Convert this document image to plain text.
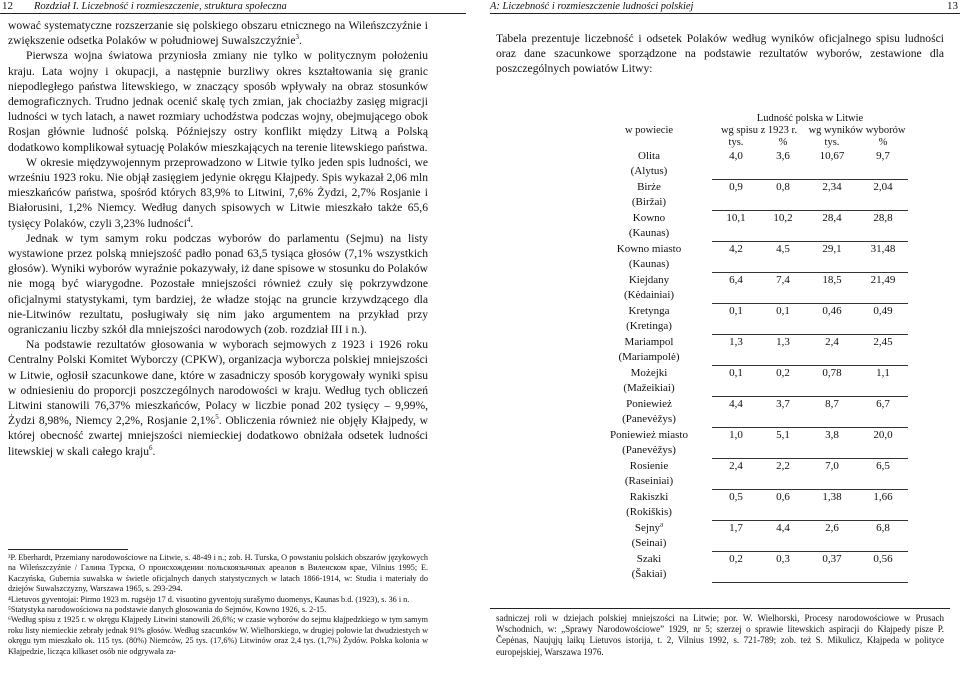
12 Rozdział I. Liczebność i rozmieszczenie, struktura społeczna

wować systematyczne rozszerzanie się polskiego obszaru etnicznego na Wileńszczyźnie i zwiększenie odsetka Polaków w południowej Suwalszczyźnie$^3$.

Pierwsza wojna światowa przyniosła zmiany nie tylko w politycznym położeniu kraju. Lata wojny i okupacji, a następnie burzliwy okres kształtowania się granic niepodległego państwa litewskiego, w znaczący sposób wpływały na obraz stosunków demograficznych. Trudno jednak ocenić skalę tych zmian, jak chociażby zasięg migracji ludności w tych latach, a nawet rozmiary uchodźstwa podczas wojny, obejmującego obok Rosjan głównie ludność polską. Późniejszy ostry konflikt między Litwą a Polską dodatkowo komplikował sytuację Polaków mieszkających na terenie litewskiego państwa.

W okresie międzywojennym przeprowadzono w Litwie tylko jeden spis ludności, we wrześniu 1923 roku. Nie objął zasięgiem jedynie okręgu Kłajpedy. Spis wykazał 2,06 mln mieszkańców państwa, spośród których 83,9% to Litwini, 7,6% Żydzi, 2,7% Rosjanie i Białorusini, 1,2% Niemcy. Według danych spisowych w Litwie mieszkało także 65,6 tysięcy Polaków, czyli 3,23% ludności$^4$.

Jednak w tym samym roku podczas wyborów do parlamentu (Sejmu) na listy wystawione przez polską mniejszość padło ponad 63,5 tysiąca głosów (7,1% wszystkich głosów). Wyniki wyborów wyraźnie pokazywały, iż dane spisowe w stosunku do Polaków nie mogą być wiarygodne. Pozostałe mniejszości również czuły się pokrzywdzone oficjalnymi statystykami, tym bardziej, że władze stojąc na gruncie krzywdzącego dla nie-Litwinów rezultatu, posługiwały się nim jako argumentem na przykład przy ograniczaniu liczby szkół dla mniejszości narodowych (zob. rozdział III i n.).

Na podstawie rezultatów głosowania w wyborach sejmowych z 1923 i 1926 roku Centralny Polski Komitet Wyborczy (CPKW), organizacja wyborcza polskiej mniejszości w Litwie, ogłosił szacunkowe dane, które w zasadniczy sposób korygowały wyniki spisu w odniesieniu do proporcji poszczególnych narodowości w kraju. Według tych obliczeń Litwini stanowili 76,37% mieszkańców, Polacy w liczbie ponad 202 tysięcy – 9,99%, Żydzi 8,98%, Niemcy 2,2%, Rosjanie 2,1%$^5$. Obliczenia również nie objęły Kłajpedy, w której obecność zwartej mniejszości niemieckiej dodatkowo obniżała odsetek ludności litewskiej w skali całego kraju$^6$.

³P. Eberhardt, Przemiany narodowościowe na Litwie, s. 48-49 i n.; zob. H. Turska, O powstaniu polskich obszarów językowych na Wileńszczyźnie / Галина Турска, О происхождении польскоязычных ареалов в Виленском крае, Vilnius 1995; E. Kaczyńska, Guberniа suwalska w świetle oficjalnych danych statystycznych w latach 1866-1914, w: Studia i materiały do dziejów Suwalszczyzny, Warszawa 1965, s. 293-294.

⁴Lietuvos gyventojai: Pirmo 1923 m. rugsėjo 17 d. visuotino gyventojų surašymo duomenys, Kaunas b.d. (1923), s. 36 i n.

⁵Statystyka narodowościowa na podstawie danych głosowania do Sejmów, Kowno 1926, s. 2-15.

⁶Według spisu z 1925 r. w okręgu Kłajpedy Litwini stanowili 26,6%; w czasie wyborów do sejmu kłajpedzkiego w tym samym roku listy niemieckie zebrały jednak 91% głosów. Według szacunków W. Wielhorskiego, w drugiej połowie lat dwudziestych w okręgu tym mieszkało ok. 115 tys. (80%) Niemców, 25 tys. (17,6%) Litwinów oraz 2,4 tys. (1,7%) Żydów. Polska kolonia w Kłajpedzie, licząca kilkaset osób nie odgrywała za-

A: Liczebność i rozmieszczenie ludności polskiej	13
Tabela prezentuje liczebność i odsetek Polaków według wyników oficjalnego spisu ludności oraz dane szacunkowe sporządzone na podstawie rezultatów wyborów, zestawione dla poszczególnych powiatów Litwy:
	Ludność polska w Litwie			
w powiecie	wg spisu z 1923 r.		wg wyników wyborów	
	tys.	%	tys.	%
Olita	4,0	3,6	10,67	9,7
(Alytus)				
Birże	0,9	0,8	2,34	2,04
(Biržai)				
Kowno	10,1	10,2	28,4	28,8
(Kaunas)				
Kowno miasto	4,2	4,5	29,1	31,48
(Kaunas)				
Kiejdany	6,4	7,4	18,5	21,49
(Kėdainiai)				
Kretynga	0,1	0,1	0,46	0,49
(Kretinga)				
Mariampol	1,3	1,3	2,4	2,45
(Mariampolė)				
Możejki	0,1	0,2	0,78	1,1
(Mažeikiai)				
Poniewież	4,4	3,7	8,7	6,7
(Panevėžys)				
Poniewież miasto	1,0	5,1	3,8	20,0
(Panevėžys)				
Rosienie	2,4	2,2	7,0	6,5
(Raseiniai)				
Rakiszki	0,5	0,6	1,38	1,66
(Rokiškis)				
Sejny$^a$	1,7	4,4	2,6	6,8
(Seinai)				
Szaki	0,2	0,3	0,37	0,56
(Šakiai)				
sadniczej roli w dziejach polskiej mniejszości na Litwie; por. W. Wielhorski, Procesy narodowościowe w Prusach Wschodnich, w: „Sprawy Narodowościowe” 1929, nr 5; szerzej o sprawie litewskich aspiracji do Kłajpedy pisze P. Čepėnas, Naujųjų laikų Lietuvos istorija, t. 2, Vilnius 1992, s. 721-789; zob. też S. Mikulicz, Kłajpeda w polityce europejskiej, Warszawa 1976.
